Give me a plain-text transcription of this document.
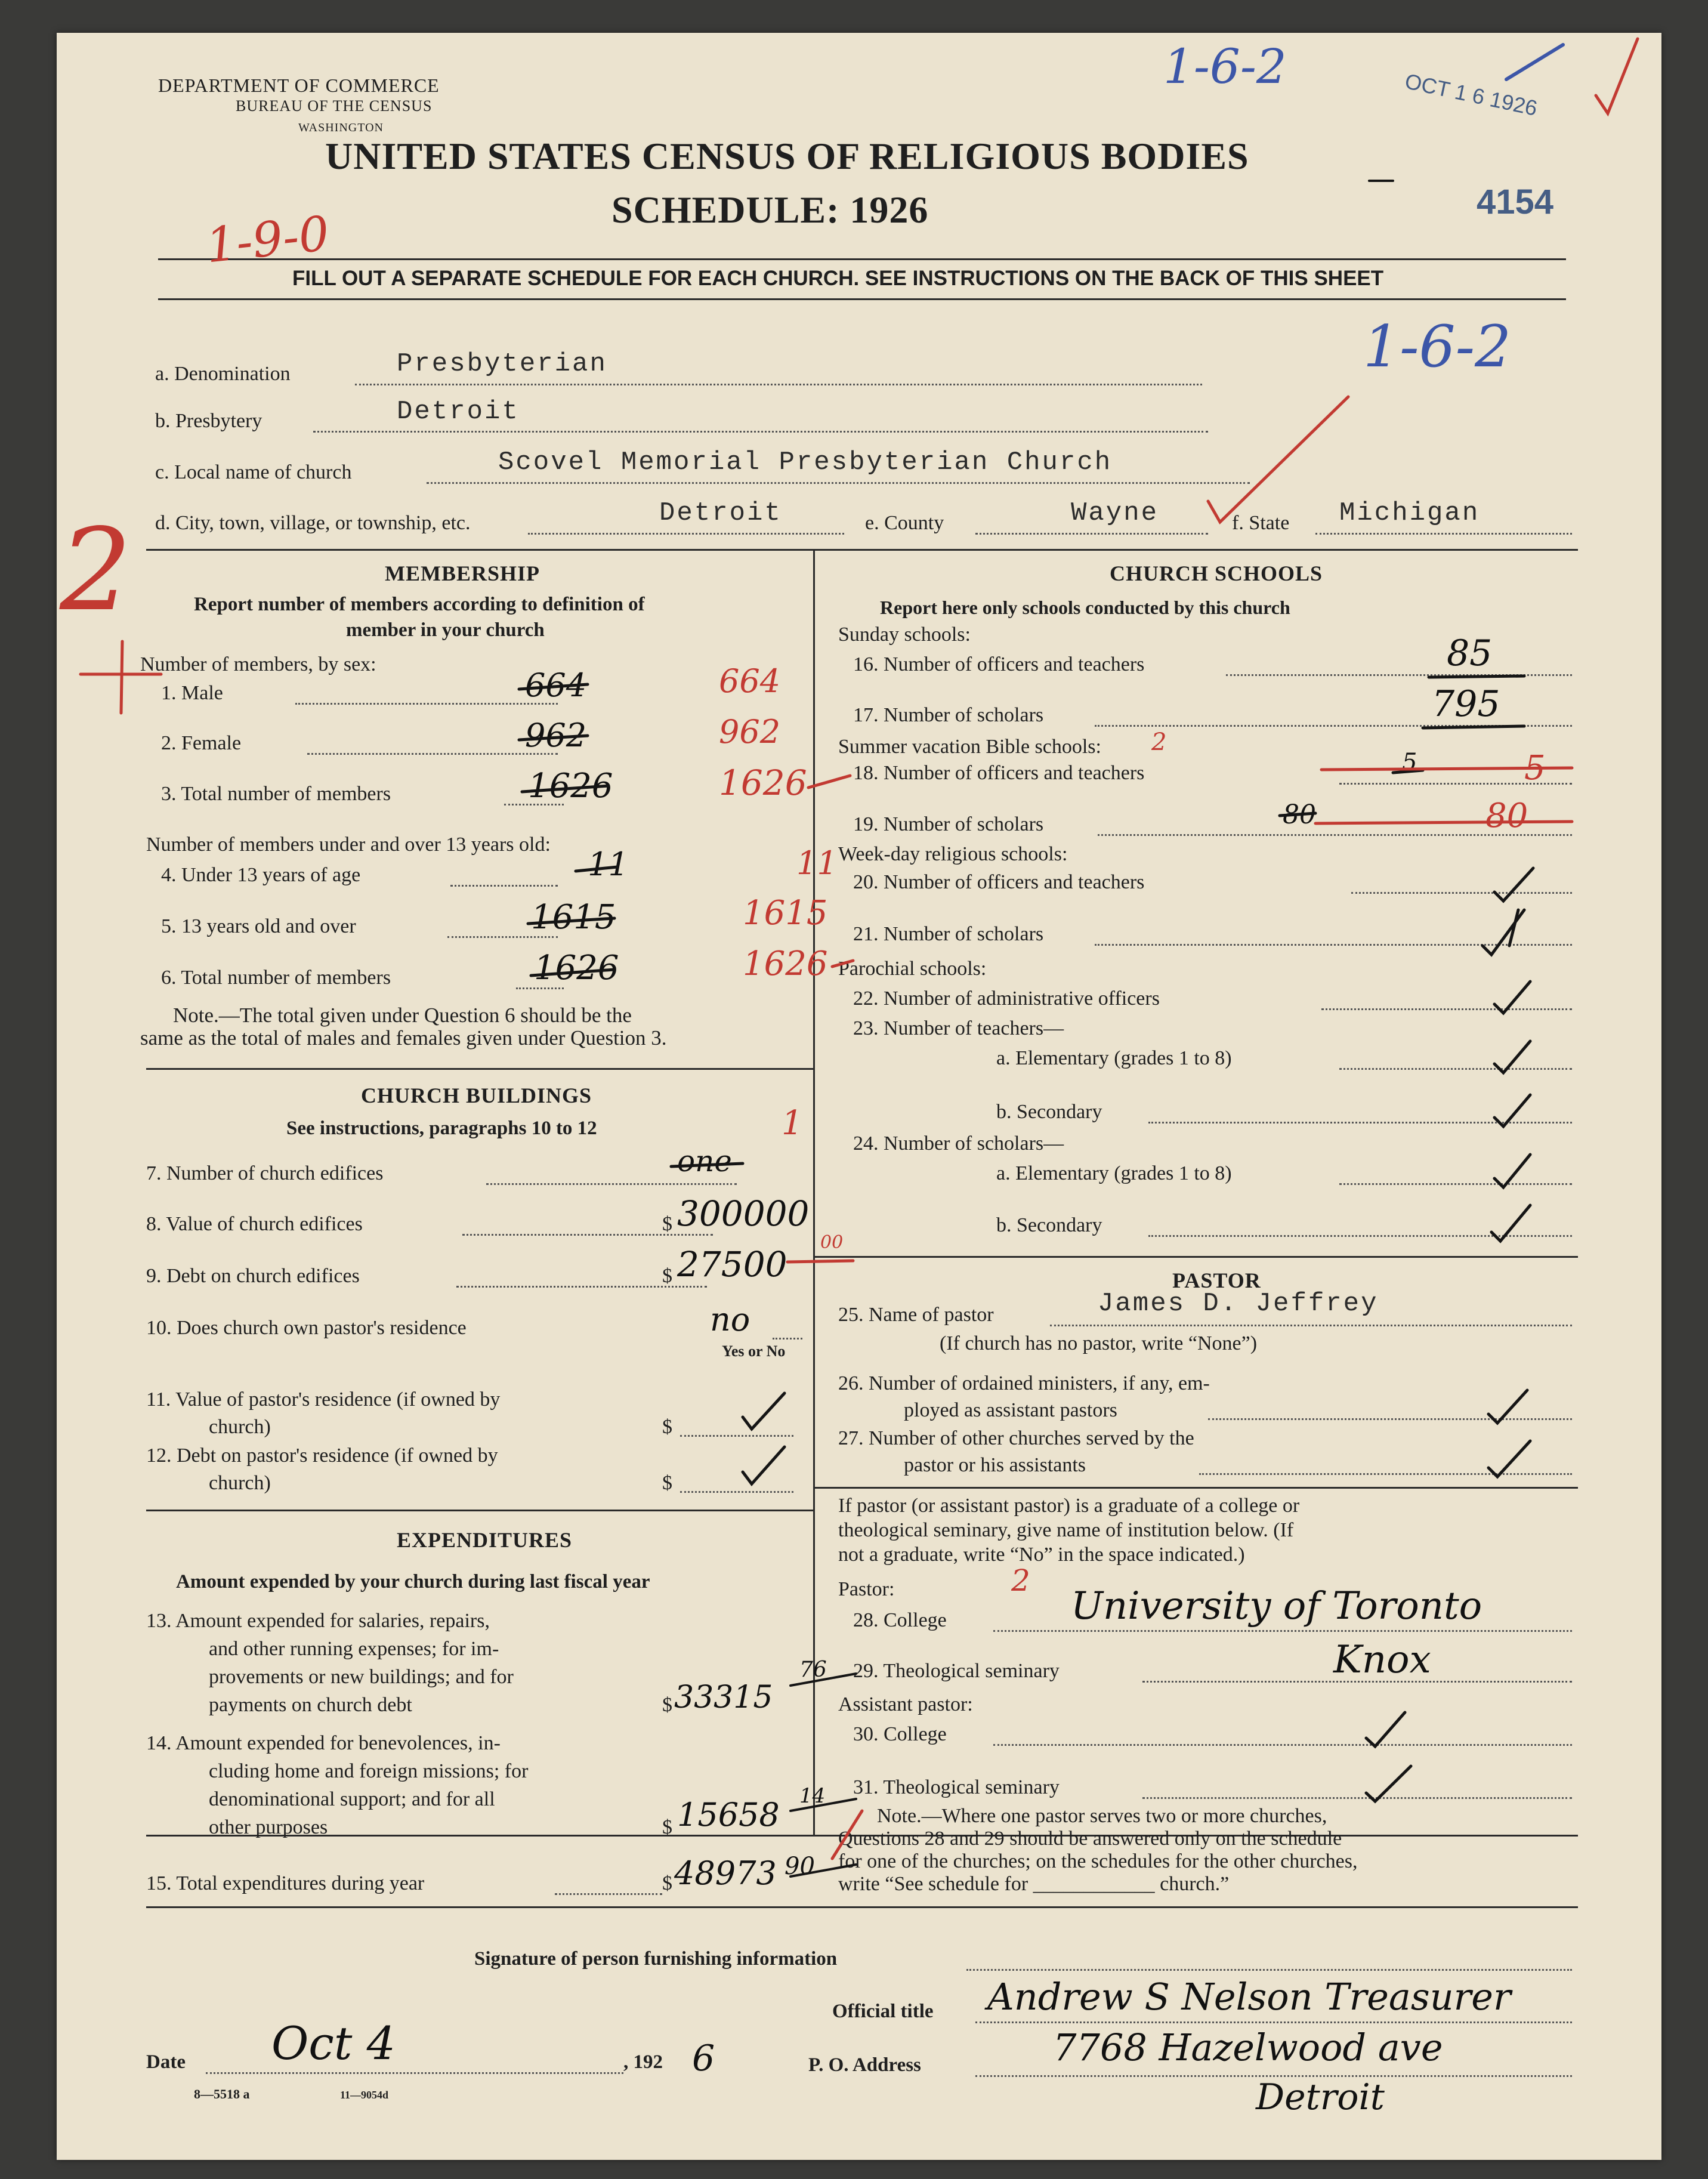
DEPARTMENT OF COMMERCE
BUREAU OF THE CENSUS
WASHINGTON
UNITED STATES CENSUS OF RELIGIOUS BODIES
SCHEDULE: 1926
FILL OUT A SEPARATE SCHEDULE FOR EACH CHURCH. SEE INSTRUCTIONS ON THE BACK OF THIS SHEET
1-6-2
OCT 1 6 1926
4154
1-9-0
1-6-2
2
a. Denomination	Presbyterian
b. Presbytery	Detroit
c. Local name of church	Scovel Memorial Presbyterian Church
d. City, town, village, or township, etc.	Detroit	e. County	Wayne	f. State Michigan
MEMBERSHIP
Report number of members according to definition of
member in your church
Number of members, by sex:
1. Male	664	664
2. Female	962	962
3. Total number of members	1626	1626
Number of members under and over 13 years old:
4. Under 13 years of age	11	11
5. 13 years old and over	1615	1615
6. Total number of members	1626	1626
Note.—The total given under Question 6 should be the
same as the total of males and females given under Question 3.
CHURCH BUILDINGS
See instructions, paragraphs 10 to 12
7. Number of church edifices	one
1
8. Value of church edifices	$ 300000
9. Debt on church edifices	$ 27500
00
10. Does church own pastor's residence	no
Yes or No
11. Value of pastor's residence (if owned by
church)	$
12. Debt on pastor's residence (if owned by
church)	$
EXPENDITURES
Amount expended by your church during last fiscal year
13. Amount expended for salaries, repairs,
and other running expenses; for im-
provements or new buildings; and for
payments on church debt	$ 33315
76
14. Amount expended for benevolences, in-
cluding home and foreign missions; for
denominational support; and for all
other purposes	$ 15658 14
15. Total expenditures during year	$ 48973 90
CHURCH SCHOOLS
Report here only schools conducted by this church
Sunday schools:
16. Number of officers and teachers	85
17. Number of scholars	795
Summer vacation Bible schools: 2
18. Number of officers and teachers	5	5
19. Number of scholars	80	80
Week-day religious schools:
20. Number of officers and teachers
21. Number of scholars
Parochial schools:
22. Number of administrative officers
23. Number of teachers—
a. Elementary (grades 1 to 8)
b. Secondary
24. Number of scholars—
a. Elementary (grades 1 to 8)
b. Secondary
PASTOR
25. Name of pastor	James D. Jeffrey
(If church has no pastor, write “None”)
26. Number of ordained ministers, if any, em-
ployed as assistant pastors
27. Number of other churches served by the
pastor or his assistants
If pastor (or assistant pastor) is a graduate of a college or
theological seminary, give name of institution below. (If
not a graduate, write “No” in the space indicated.)
Pastor:	2
28. College	University of Toronto
29. Theological seminary	Knox
Assistant pastor:
30. College
31. Theological seminary
Note.—Where one pastor serves two or more churches,
Questions 28 and 29 should be answered only on the schedule
for one of the churches; on the schedules for the other churches,
write “See schedule for ____________ church.”
Signature of person furnishing information
Official title Andrew S Nelson Treasurer
Date Oct 4	, 192 6	P. O. Address	7768 Hazelwood ave
Detroit
8—5518 a	11—9054d
